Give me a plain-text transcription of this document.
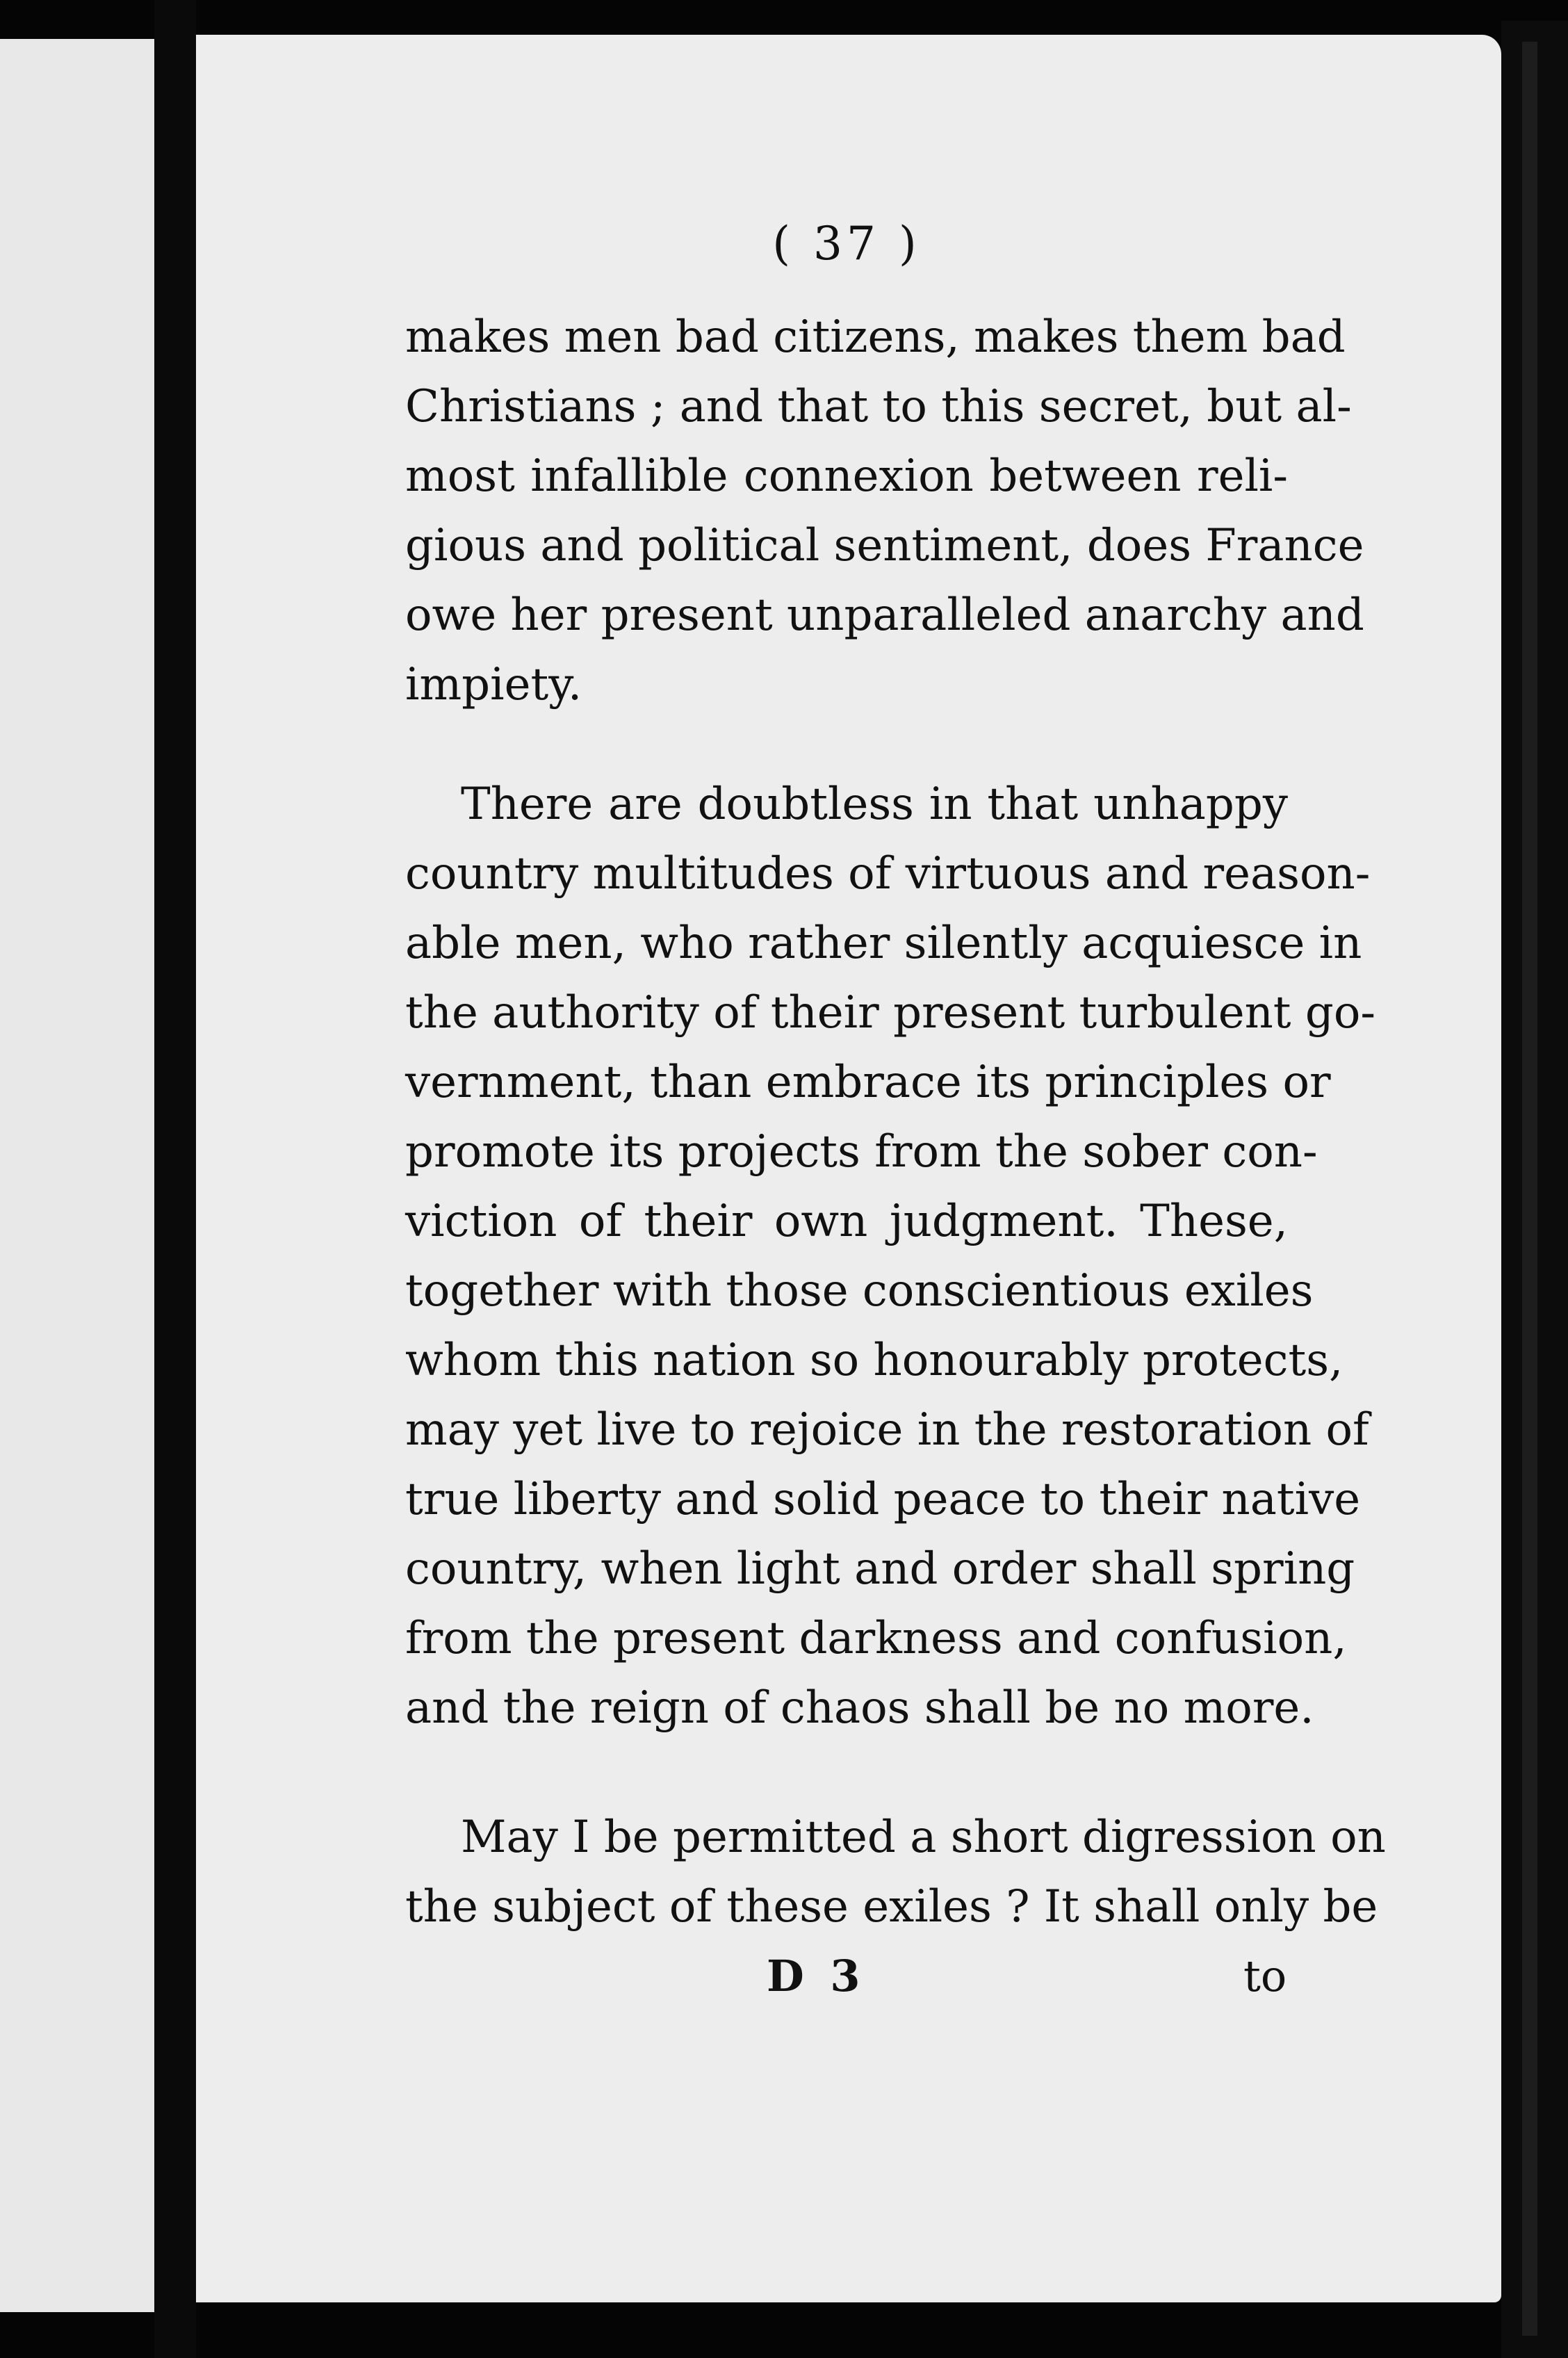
( 37 )
makes men bad citizens, makes them bad
Christians ; and that to this secret, but al-
most infallible connexion between reli-
gious and political sentiment, does France
owe her present unparalleled anarchy and
impiety.
There are doubtless in that unhappy
country multitudes of virtuous and reason-
able men, who rather silently acquiesce in
the authority of their present turbulent go-
vernment, than embrace its principles or
promote its projects from the sober con-
viction of their own judgment. These,
together with those conscientious exiles
whom this nation so honourably protects,
may yet live to rejoice in the restoration of
true liberty and solid peace to their native
country, when light and order shall spring
from the present darkness and confusion,
and the reign of chaos shall be no more.
May I be permitted a short digression on
the subject of these exiles ? It shall only be
D 3	to
